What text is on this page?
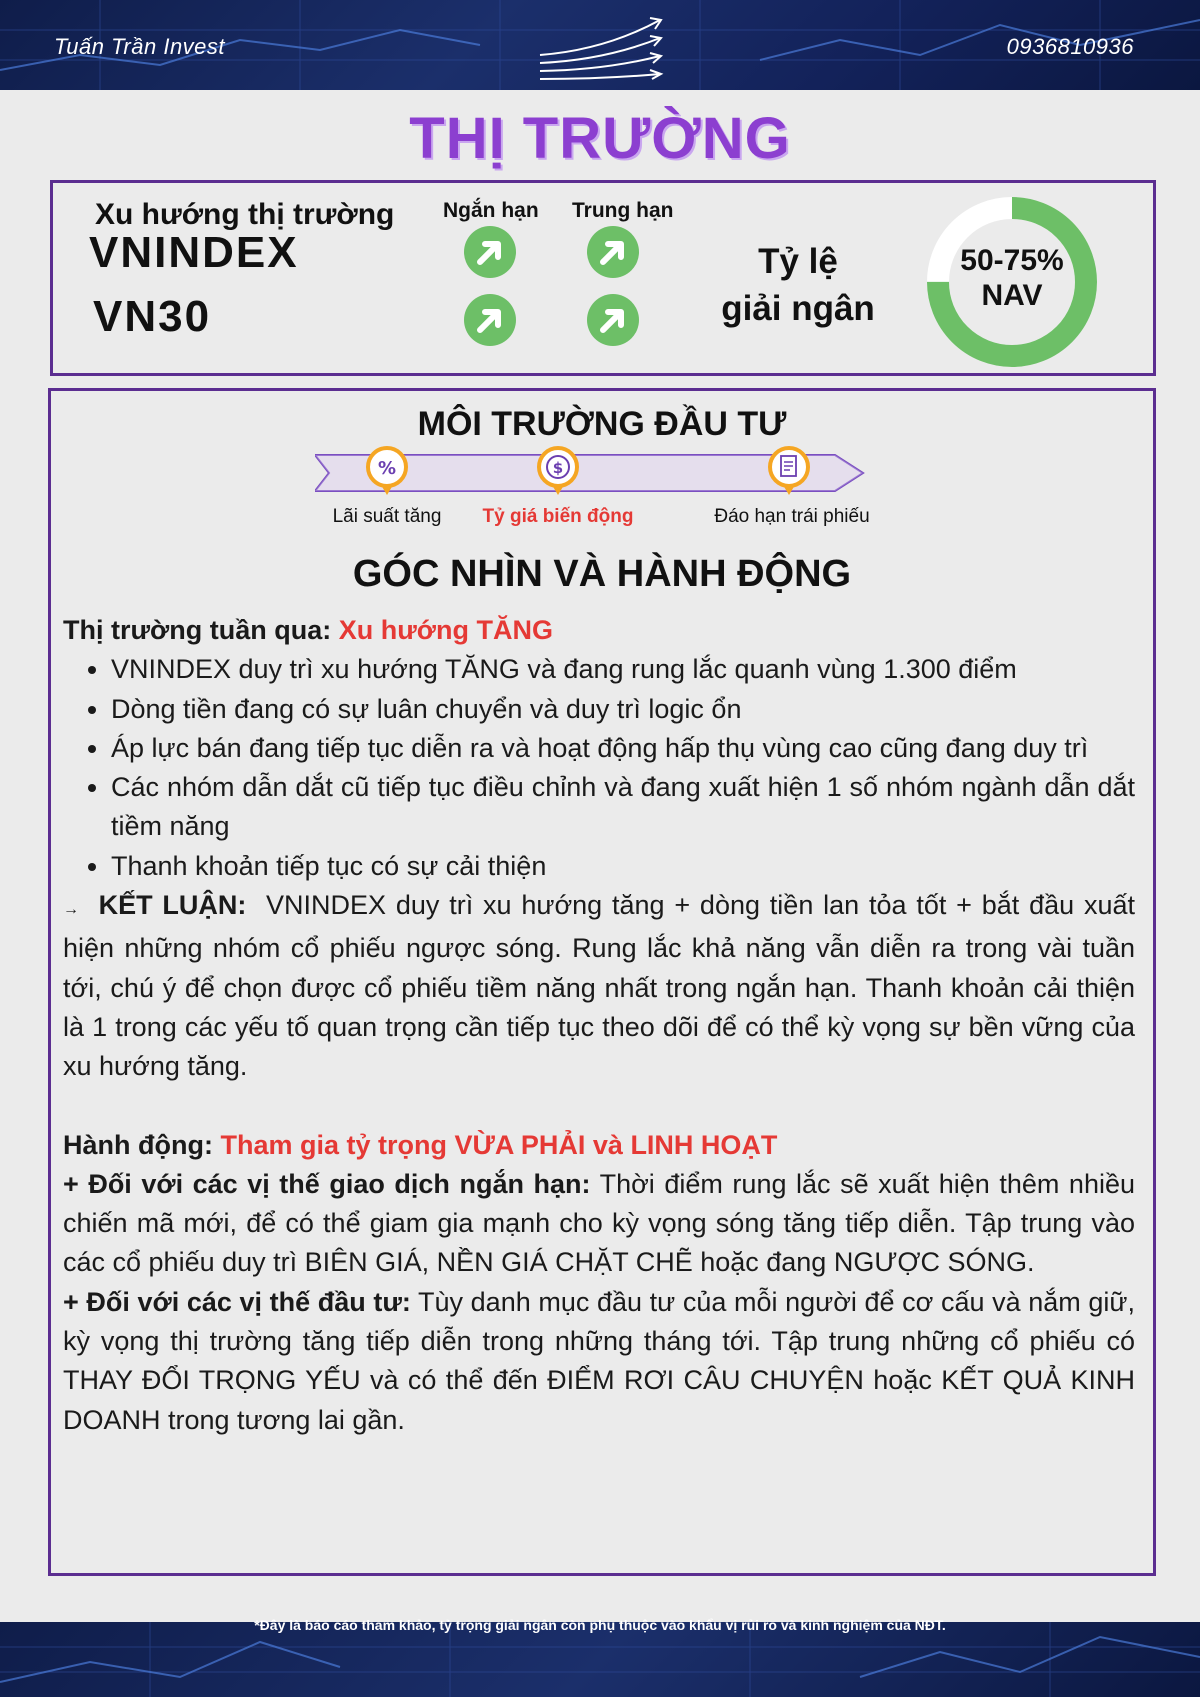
Tuấn Trần Invest	0936810936
THỊ TRƯỜNG
Xu hướng thị trường Ngắn hạn Trung hạn
VNINDEX
VN30
Tỷ lệ
giải ngân
50-75%
NAV
MÔI TRƯỜNG ĐẦU TƯ
%	$
Lãi suất tăng	Tỷ giá biến động	Đáo hạn trái phiếu
GÓC NHÌN VÀ HÀNH ĐỘNG

Thị trường tuần qua: Xu hướng TĂNG

• VNINDEX duy trì xu hướng TĂNG và đang rung lắc quanh vùng 1.300 điểm
• Dòng tiền đang có sự luân chuyển và duy trì logic ổn
• Áp lực bán đang tiếp tục diễn ra và hoạt động hấp thụ vùng cao cũng đang duy trì
• Các nhóm dẫn dắt cũ tiếp tục điều chỉnh và đang xuất hiện 1 số nhóm ngành dẫn dắt tiềm năng
• Thanh khoản tiếp tục có sự cải thiện

→ KẾT LUẬN: VNINDEX duy trì xu hướng tăng + dòng tiền lan tỏa tốt + bắt đầu xuất hiện những nhóm cổ phiếu ngược sóng. Rung lắc khả năng vẫn diễn ra trong vài tuần tới, chú ý để chọn được cổ phiếu tiềm năng nhất trong ngắn hạn. Thanh khoản cải thiện là 1 trong các yếu tố quan trọng cần tiếp tục theo dõi để có thể kỳ vọng sự bền vững của xu hướng tăng.

Hành động: Tham gia tỷ trọng VỪA PHẢI và LINH HOẠT

+ Đối với các vị thế giao dịch ngắn hạn: Thời điểm rung lắc sẽ xuất hiện thêm nhiều chiến mã mới, để có thể giam gia mạnh cho kỳ vọng sóng tăng tiếp diễn. Tập trung vào các cổ phiếu duy trì BIÊN GIÁ, NỀN GIÁ CHẶT CHẼ hoặc đang NGƯỢC SÓNG.

+ Đối với các vị thế đầu tư: Tùy danh mục đầu tư của mỗi người để cơ cấu và nắm giữ, kỳ vọng thị trường tăng tiếp diễn trong những tháng tới. Tập trung những cổ phiếu có THAY ĐỔI TRỌNG YẾU và có thể đến ĐIỂM RƠI CÂU CHUYỆN hoặc KẾT QUẢ KINH DOANH trong tương lai gần.

*Đây là báo cáo tham khảo, tỷ trọng giải ngân còn phụ thuộc vào khẩu vị rủi ro và kinh nghiệm của NĐT.
